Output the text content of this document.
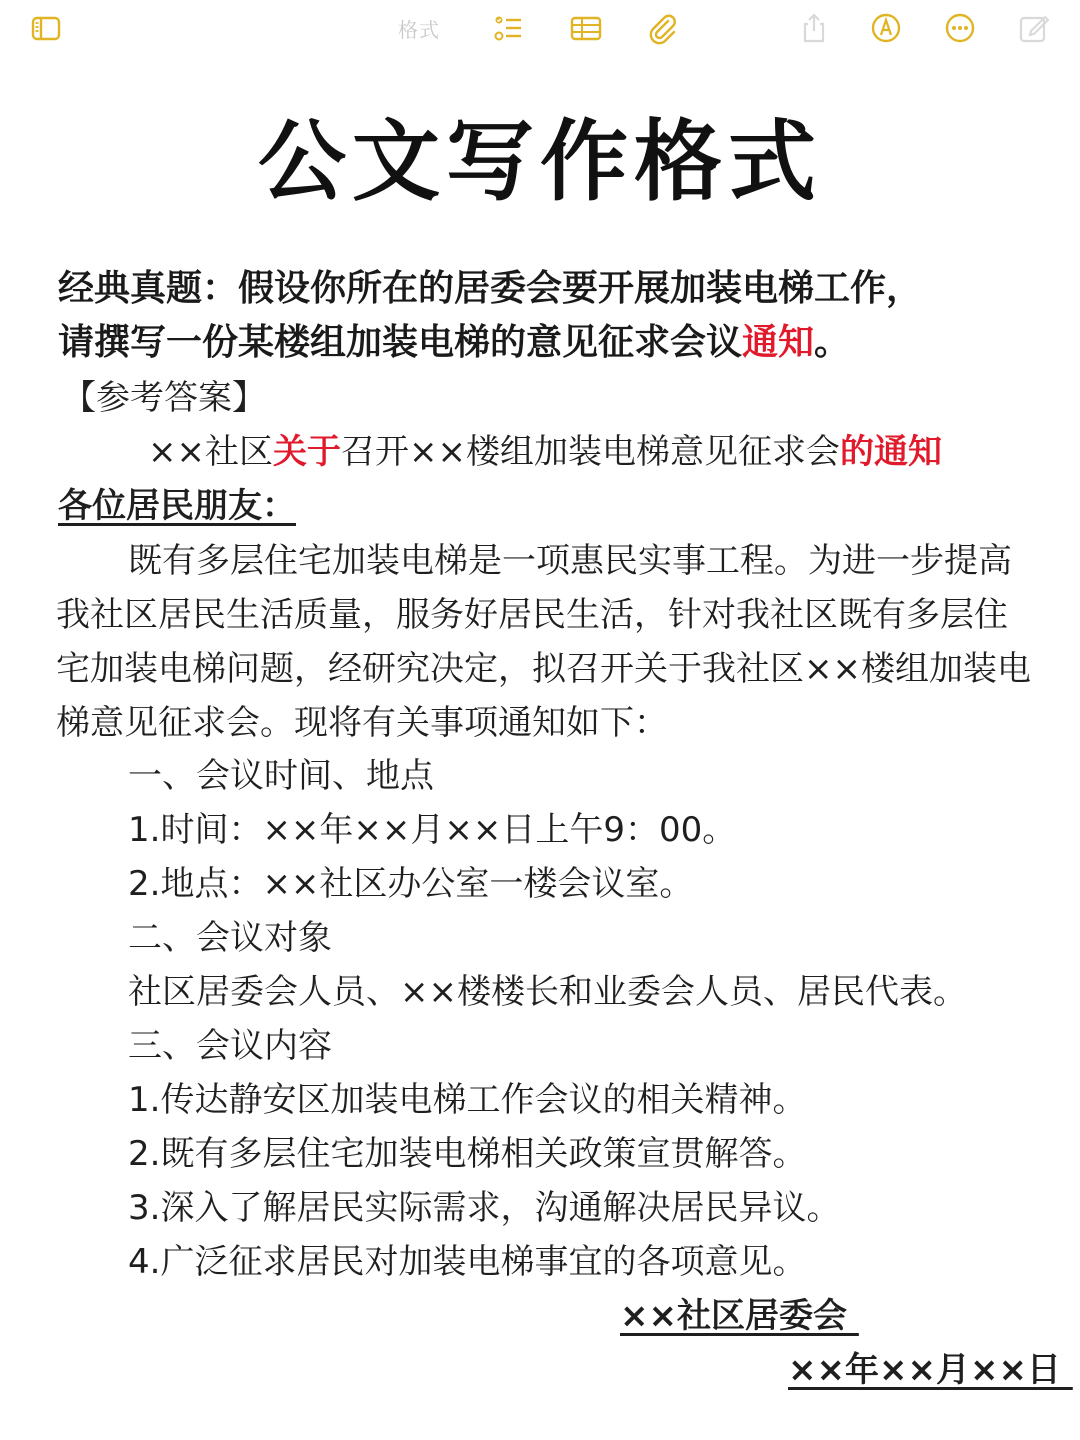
格式
公文写作格式
经典真题：假设你所在的居委会要开展加装电梯工作，
请撰写一份某楼组加装电梯的意见征求会议通知。
【参考答案】
××社区关于召开××楼组加装电梯意见征求会的通知
各位居民朋友：
既有多层住宅加装电梯是一项惠民实事工程。为进一步提高我社区居民生活质量，服务好居民生活，针对我社区既有多层住宅加装电梯问题，经研究决定，拟召开关于我社区××楼组加装电梯意见征求会。现将有关事项通知如下：
一、会议时间、地点
1.时间：××年××月××日上午9：00。
2.地点：××社区办公室一楼会议室。
二、会议对象
社区居委会人员、××楼楼长和业委会人员、居民代表。
三、会议内容
1.传达静安区加装电梯工作会议的相关精神。
2.既有多层住宅加装电梯相关政策宣贯解答。
3.深入了解居民实际需求，沟通解决居民异议。
4.广泛征求居民对加装电梯事宜的各项意见。
××社区居委会
××年××月××日
